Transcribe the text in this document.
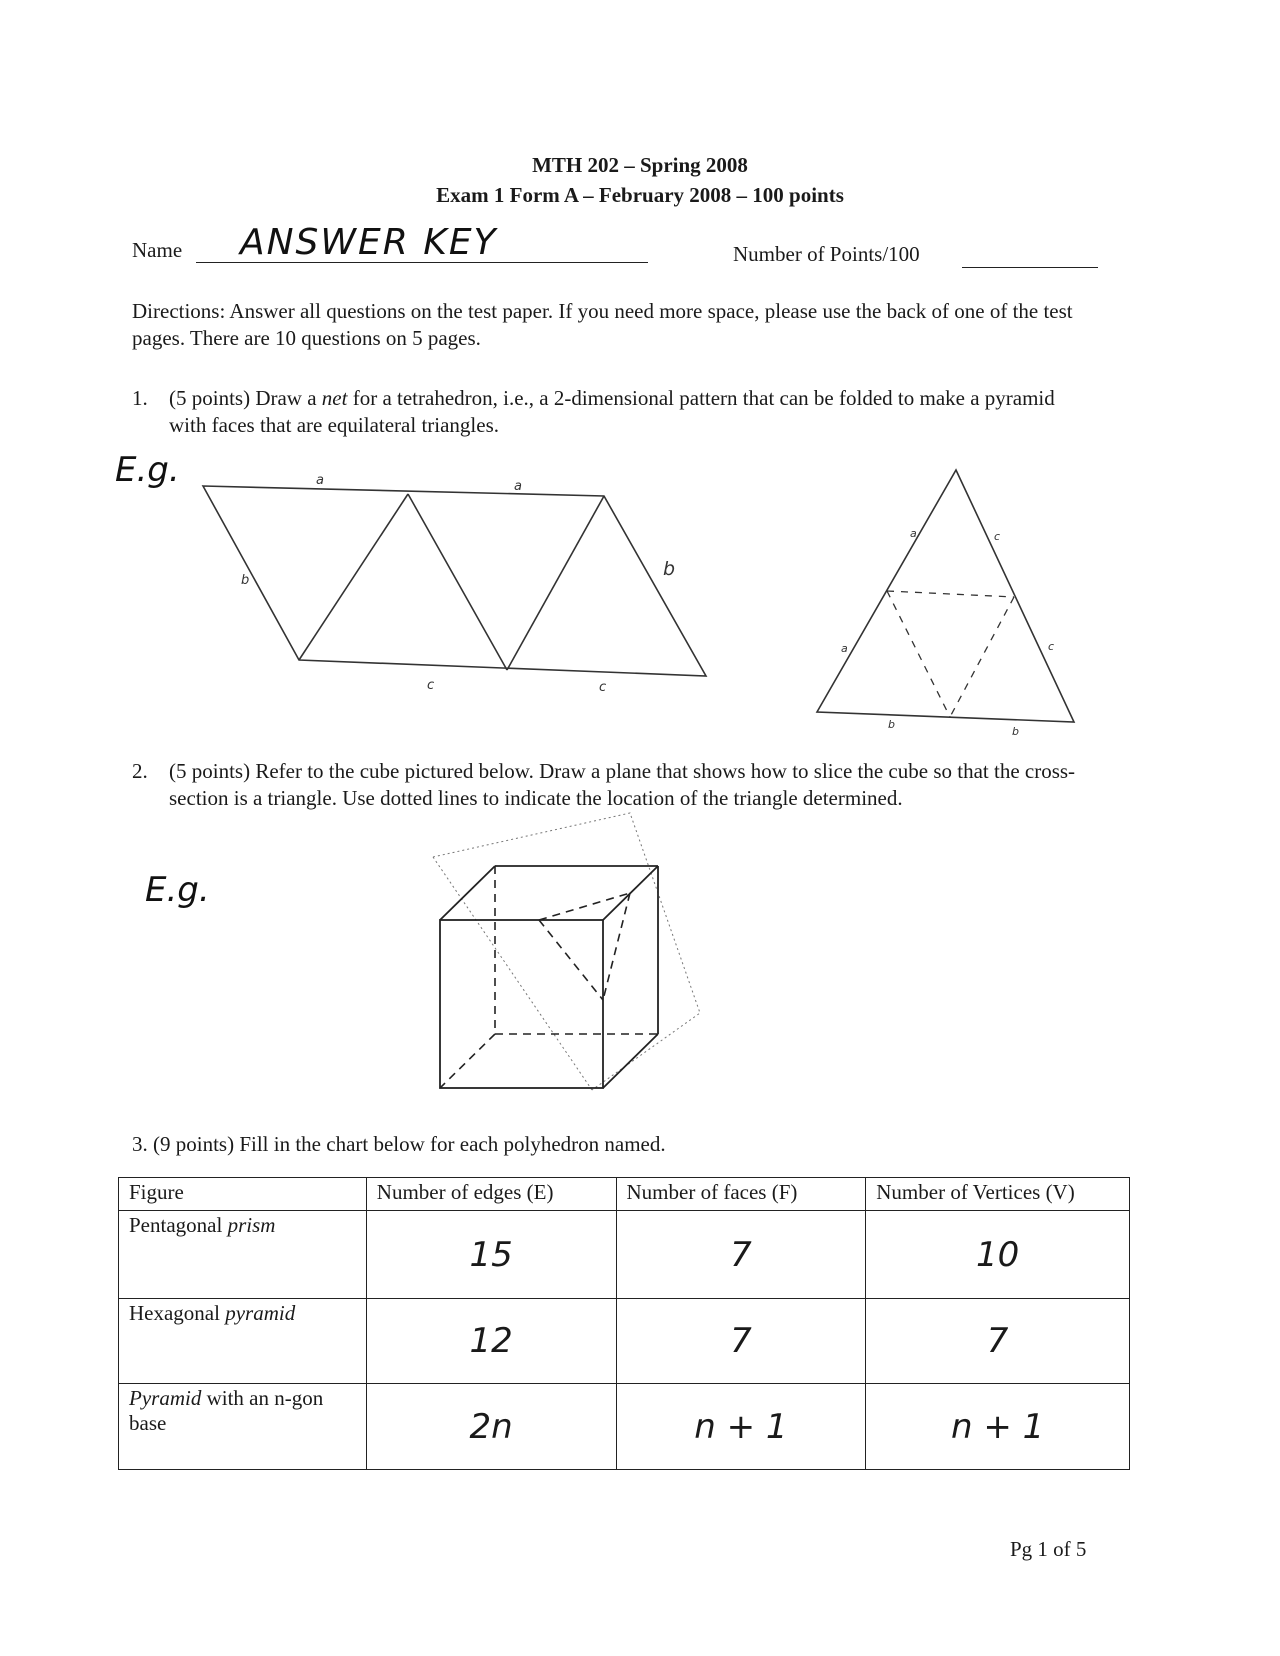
MTH 202 – Spring 2008
Exam 1 Form A – February 2008 – 100 points
Name ANSWER KEY	Number of Points/100
Directions: Answer all questions on the test paper. If you need more space, please use the back of one of the test pages. There are 10 questions on 5 pages.
1. (5 points) Draw a net for a tetrahedron, i.e., a 2-dimensional pattern that can be folded to make a pyramid with faces that are equilateral triangles.
E.g.	a	a
b
b
c	c
a	c
a	c
b
b
2. (5 points) Refer to the cube pictured below. Draw a plane that shows how to slice the cube so that the cross-section is a triangle. Use dotted lines to indicate the location of the triangle determined.
E.g.
3. (9 points) Fill in the chart below for each polyhedron named.
Figure	Number of edges (E)	Number of faces (F)	Number of Vertices (V)
Pentagonal prism	15	7	10
Hexagonal pyramid	12	7	7
Pyramid with an n-gon base	2n	n + 1	n + 1
Pg 1 of 5
